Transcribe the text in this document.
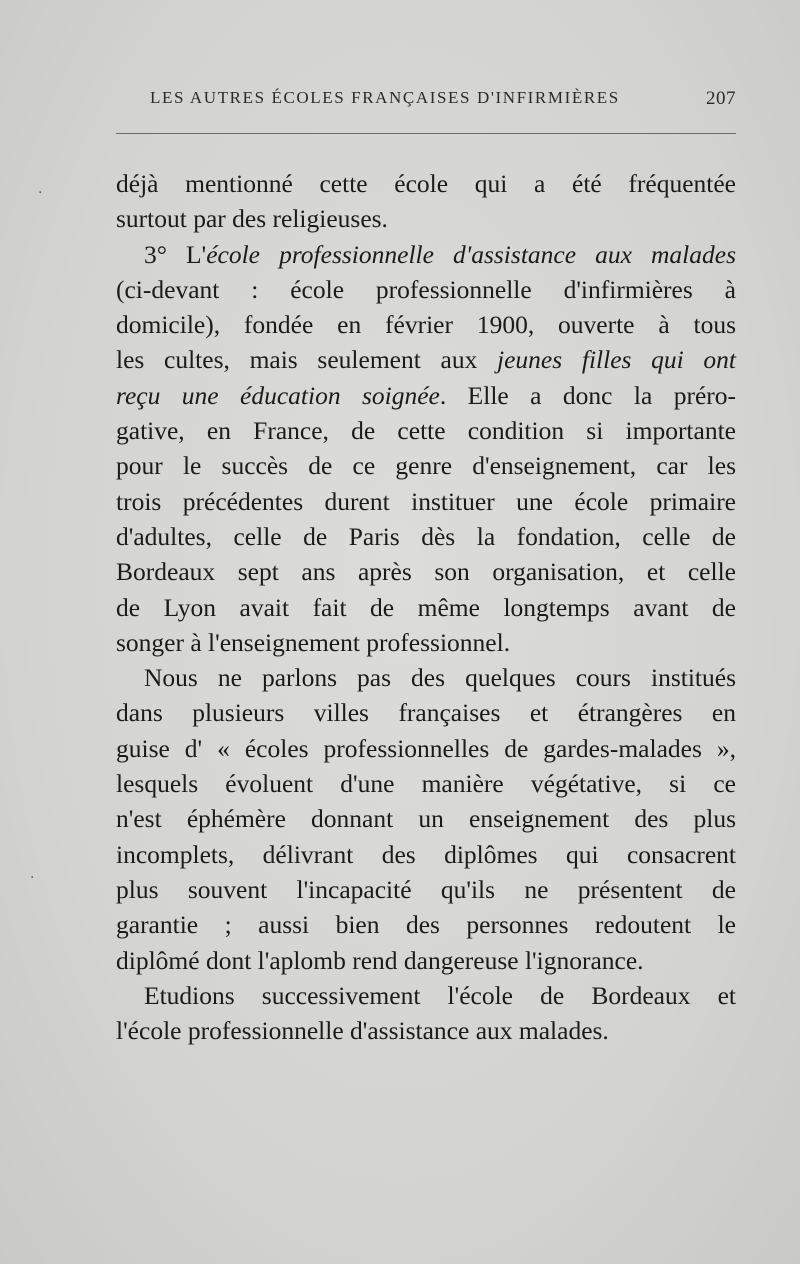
LES AUTRES ÉCOLES FRANÇAISES D'INFIRMIÈRES	207
déjà mentionné cette école qui a été fréquentée
surtout par des religieuses.
3° L'école professionnelle d'assistance aux malades
(ci-devant : école professionnelle d'infirmières à
domicile), fondée en février 1900, ouverte à tous
les cultes, mais seulement aux jeunes filles qui ont
reçu une éducation soignée. Elle a donc la préro-
gative, en France, de cette condition si importante
pour le succès de ce genre d'enseignement, car les
trois précédentes durent instituer une école primaire
d'adultes, celle de Paris dès la fondation, celle de
Bordeaux sept ans après son organisation, et celle
de Lyon avait fait de même longtemps avant de
songer à l'enseignement professionnel.
Nous ne parlons pas des quelques cours institués
dans plusieurs villes françaises et étrangères en
guise d' « écoles professionnelles de gardes-malades »,
lesquels évoluent d'une manière végétative, si ce
n'est éphémère donnant un enseignement des plus
incomplets, délivrant des diplômes qui consacrent
plus souvent l'incapacité qu'ils ne présentent de
garantie ; aussi bien des personnes redoutent le
diplômé dont l'aplomb rend dangereuse l'ignorance.
Etudions successivement l'école de Bordeaux et
l'école professionnelle d'assistance aux malades.
·
·
